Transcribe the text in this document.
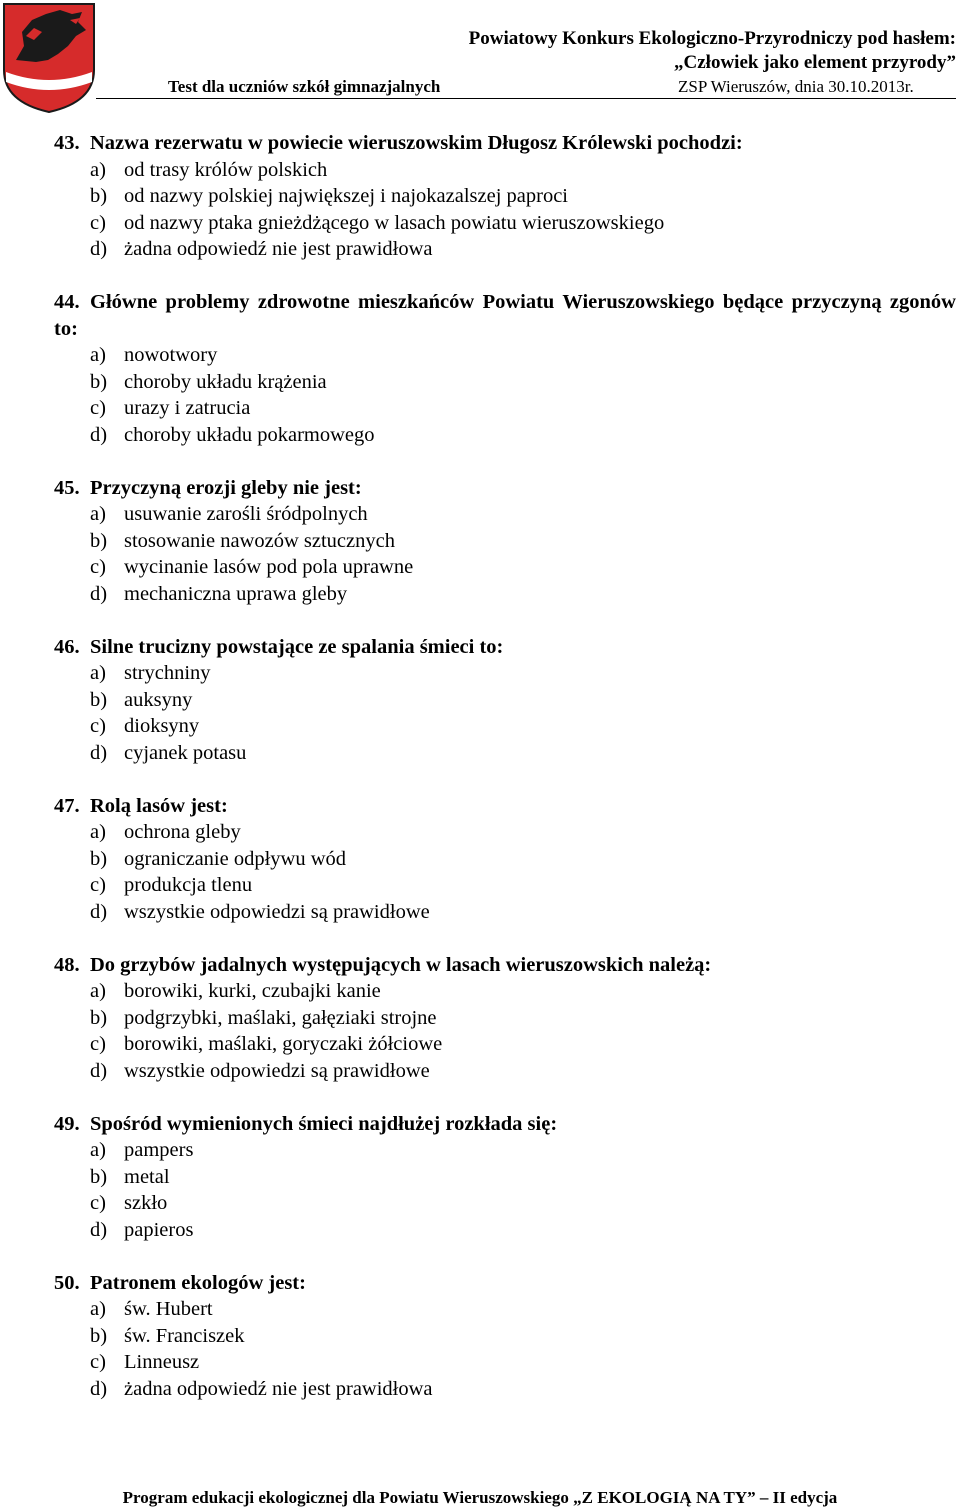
Powiatowy Konkurs Ekologiczno-Przyrodniczy pod hasłem:
„Człowiek jako element przyrody”
Test dla uczniów szkół gimnazjalnych	ZSP Wieruszów, dnia 30.10.2013r.

43. Nazwa rezerwatu w powiecie wieruszowskim Długosz Królewski pochodzi:

a) od trasy królów polskich
b) od nazwy polskiej największej i najokazalszej paproci
c) od nazwy ptaka gnieżdżącego w lasach powiatu wieruszowskiego
d) żadna odpowiedź nie jest prawidłowa

44. Główne problemy zdrowotne mieszkańców Powiatu Wieruszowskiego będące przyczyną zgonów to:

a) nowotwory
b) choroby układu krążenia
c) urazy i zatrucia
d) choroby układu pokarmowego

45. Przyczyną erozji gleby nie jest:

a) usuwanie zarośli śródpolnych
b) stosowanie nawozów sztucznych
c) wycinanie lasów pod pola uprawne
d) mechaniczna uprawa gleby

46. Silne trucizny powstające ze spalania śmieci to:

a) strychniny
b) auksyny
c) dioksyny
d) cyjanek potasu

47. Rolą lasów jest:

a) ochrona gleby
b) ograniczanie odpływu wód
c) produkcja tlenu
d) wszystkie odpowiedzi są prawidłowe

48. Do grzybów jadalnych występujących w lasach wieruszowskich należą:

a) borowiki, kurki, czubajki kanie
b) podgrzybki, maślaki, gałęziaki strojne
c) borowiki, maślaki, goryczaki żółciowe
d) wszystkie odpowiedzi są prawidłowe

49. Spośród wymienionych śmieci najdłużej rozkłada się:

a) pampers
b) metal
c) szkło
d) papieros

50. Patronem ekologów jest:

a) św. Hubert
b) św. Franciszek
c) Linneusz
d) żadna odpowiedź nie jest prawidłowa
Program edukacji ekologicznej dla Powiatu Wieruszowskiego „Z EKOLOGIĄ NA TY” – II edycja
